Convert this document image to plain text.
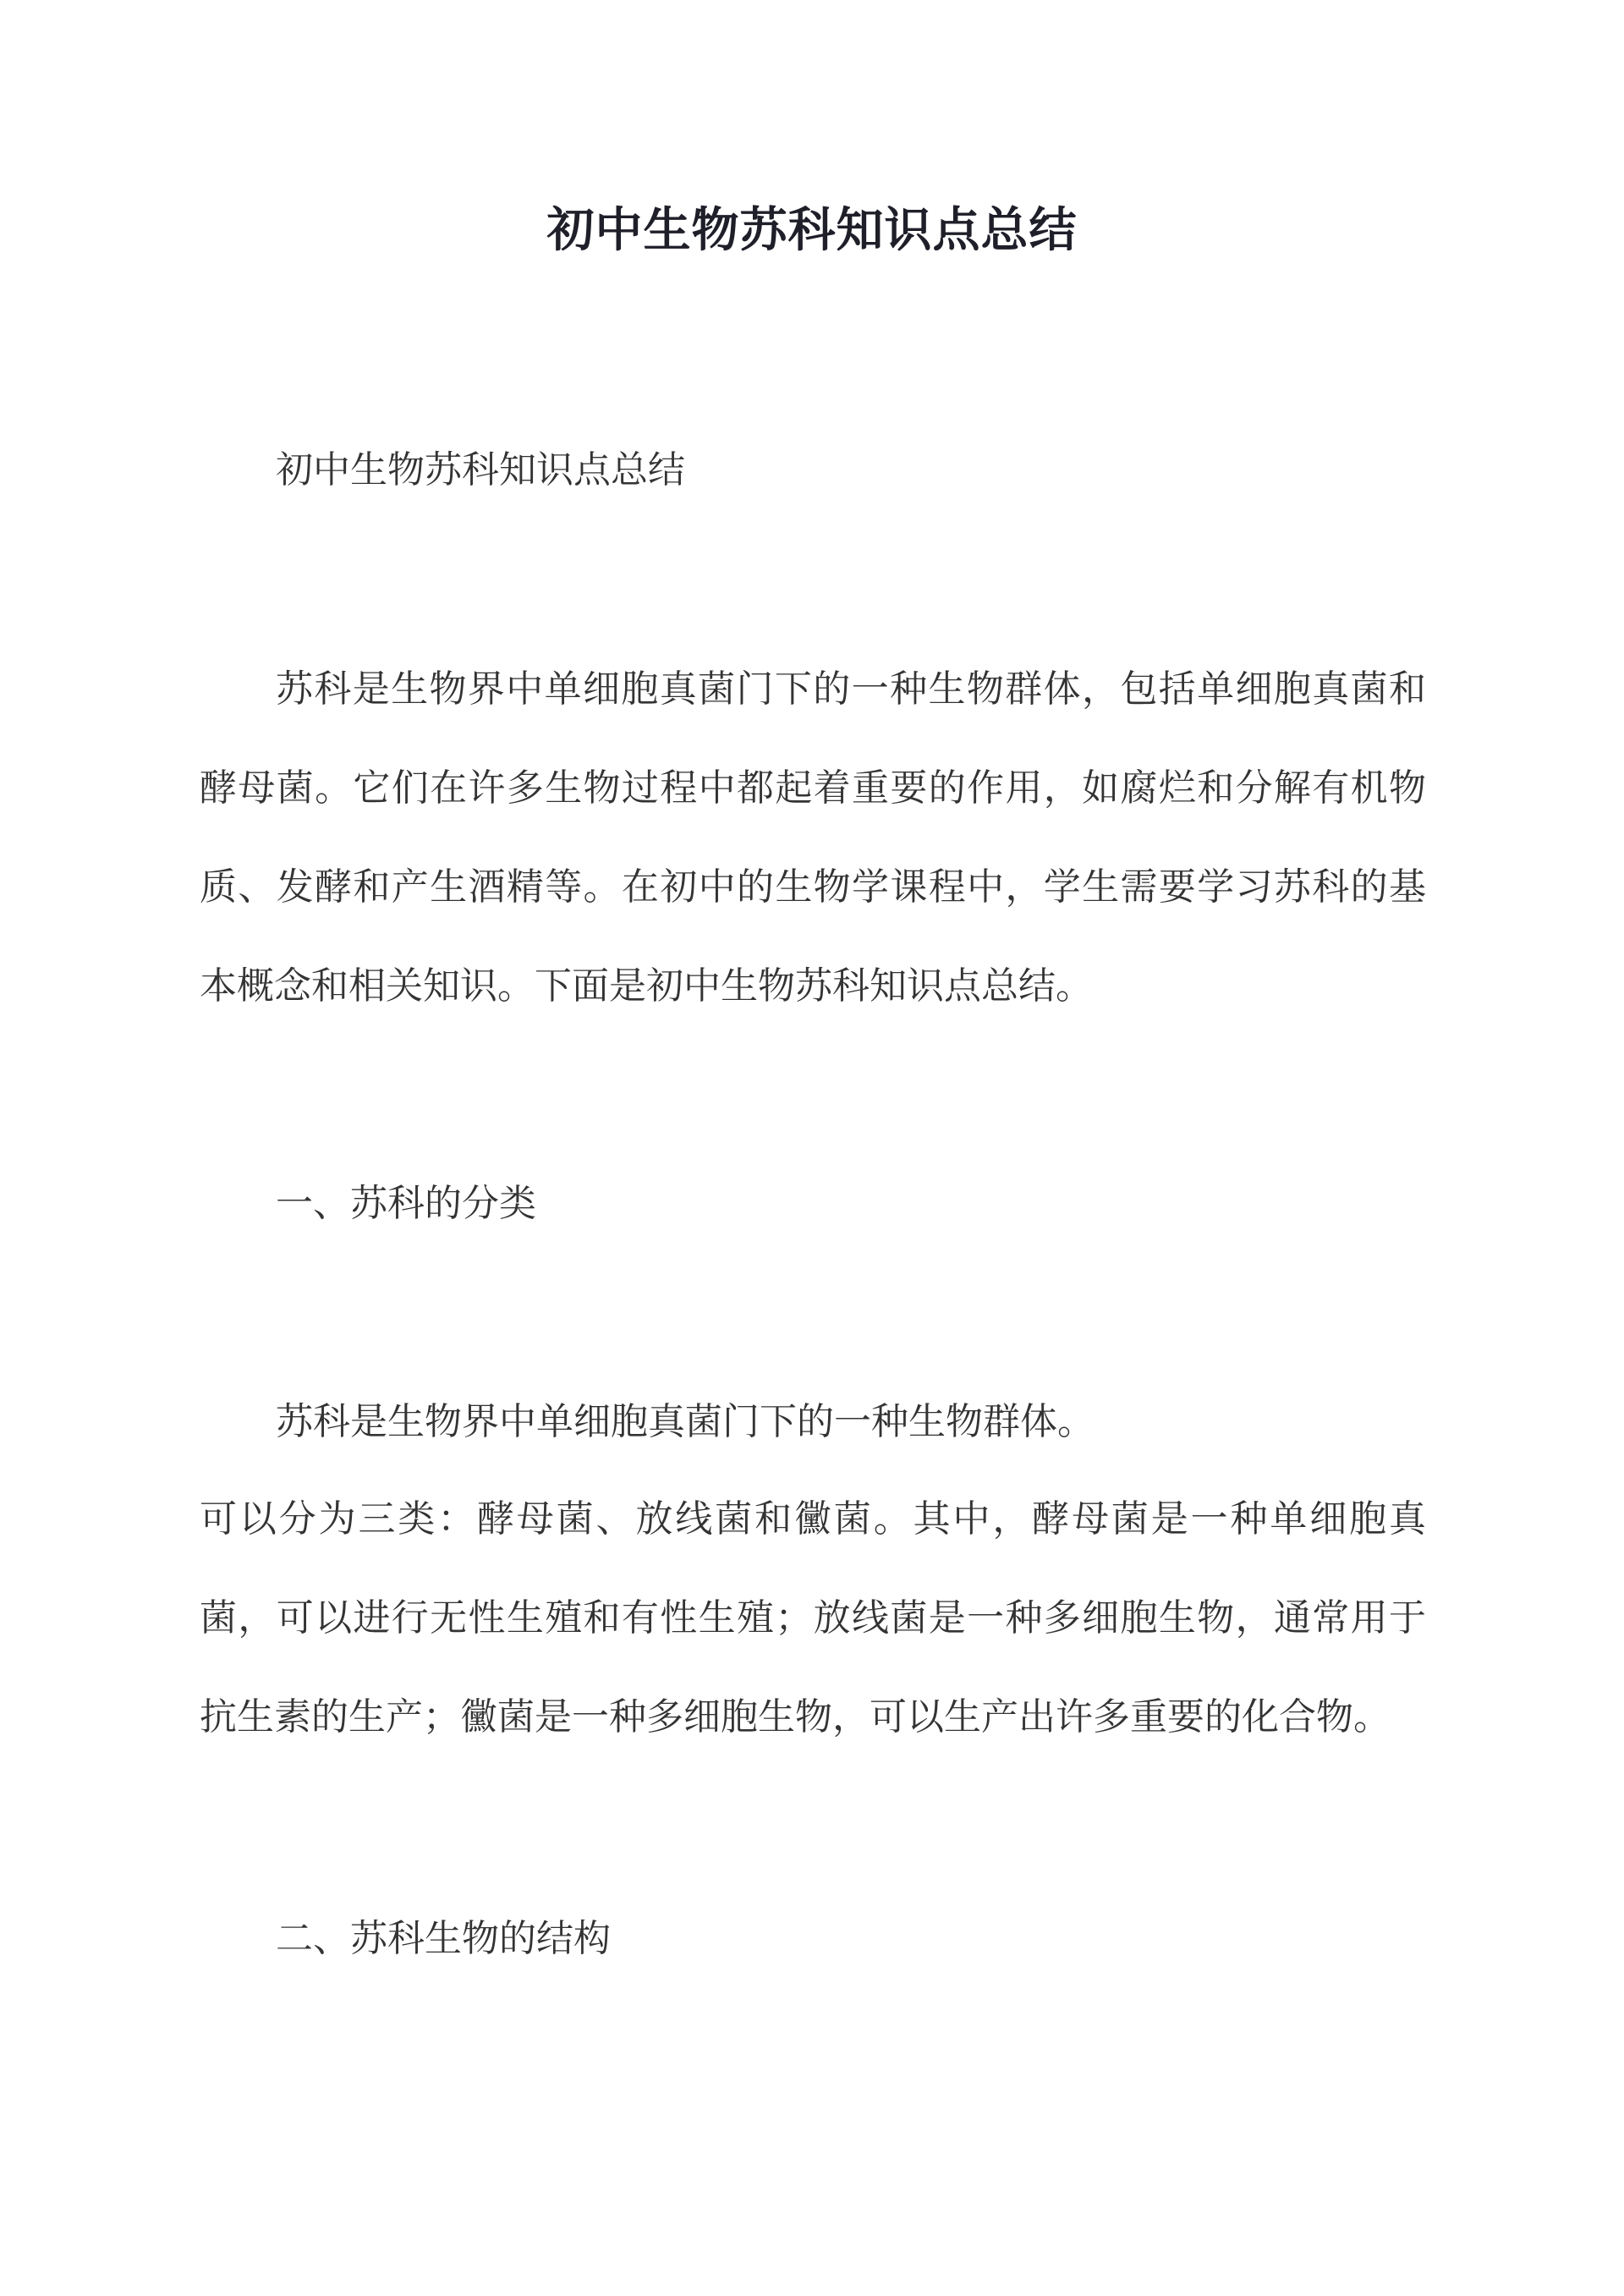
初中生物苏科知识点总结
初中生物苏科知识点总结

苏科是生物界中单细胞真菌门下的一种生物群体，包括单细胞真菌和酵母菌。它们在许多生物过程中都起着重要的作用，如腐烂和分解有机物质、发酵和产生酒精等。在初中的生物学课程中，学生需要学习苏科的基本概念和相关知识。下面是初中生物苏科知识点总结。

一、苏科的分类
苏科是生物界中单细胞真菌门下的一种生物群体。

可以分为三类：酵母菌、放线菌和黴菌。其中，酵母菌是一种单细胞真菌，可以进行无性生殖和有性生殖；放线菌是一种多细胞生物，通常用于抗生素的生产；黴菌是一种多细胞生物，可以生产出许多重要的化合物。

二、苏科生物的结构
